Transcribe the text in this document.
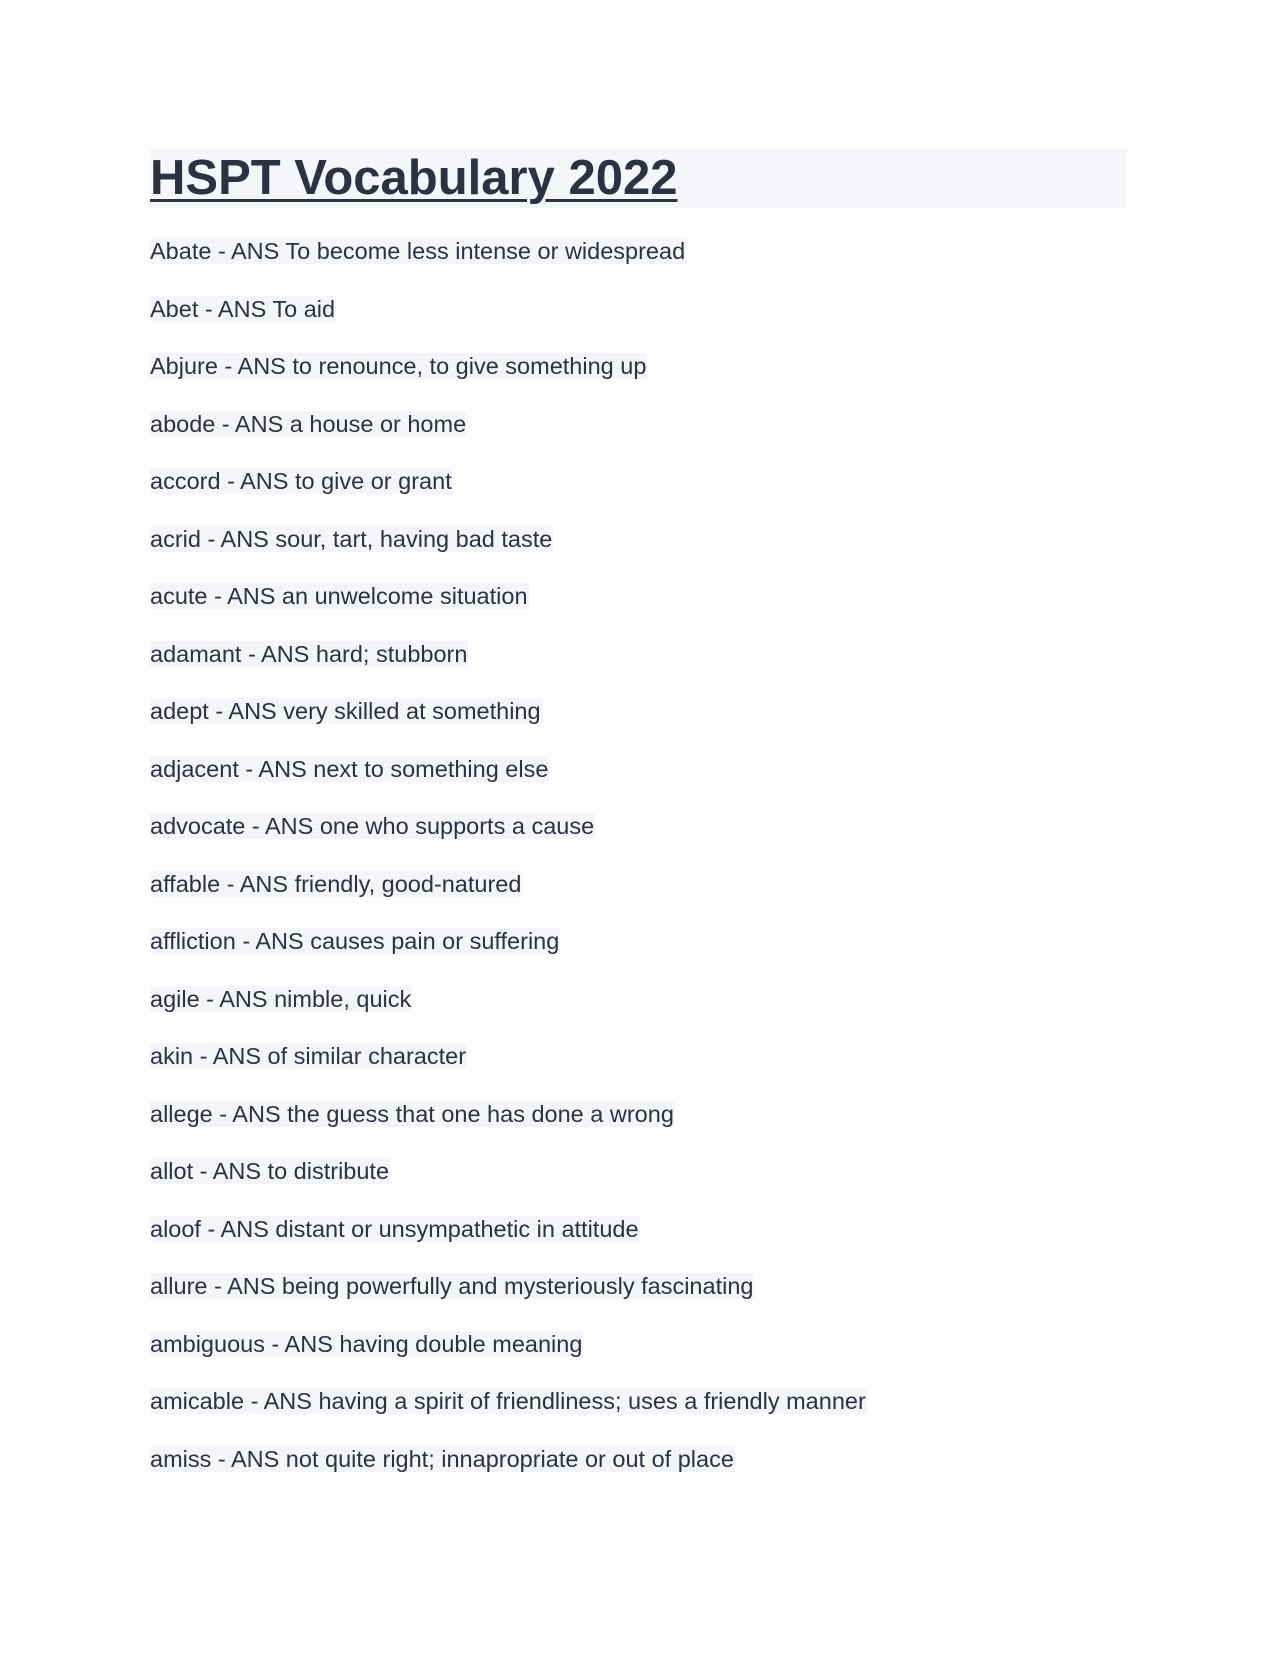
HSPT Vocabulary 2022
Abate - ANS To become less intense or widespread
Abet - ANS To aid
Abjure - ANS to renounce, to give something up
abode - ANS a house or home
accord - ANS to give or grant
acrid - ANS sour, tart, having bad taste
acute - ANS an unwelcome situation
adamant - ANS hard; stubborn
adept - ANS very skilled at something
adjacent - ANS next to something else
advocate - ANS one who supports a cause
affable - ANS friendly, good-natured
affliction - ANS causes pain or suffering
agile - ANS nimble, quick
akin - ANS of similar character
allege - ANS the guess that one has done a wrong
allot - ANS to distribute
aloof - ANS distant or unsympathetic in attitude
allure - ANS being powerfully and mysteriously fascinating
ambiguous - ANS having double meaning
amicable - ANS having a spirit of friendliness; uses a friendly manner
amiss - ANS not quite right; innapropriate or out of place
